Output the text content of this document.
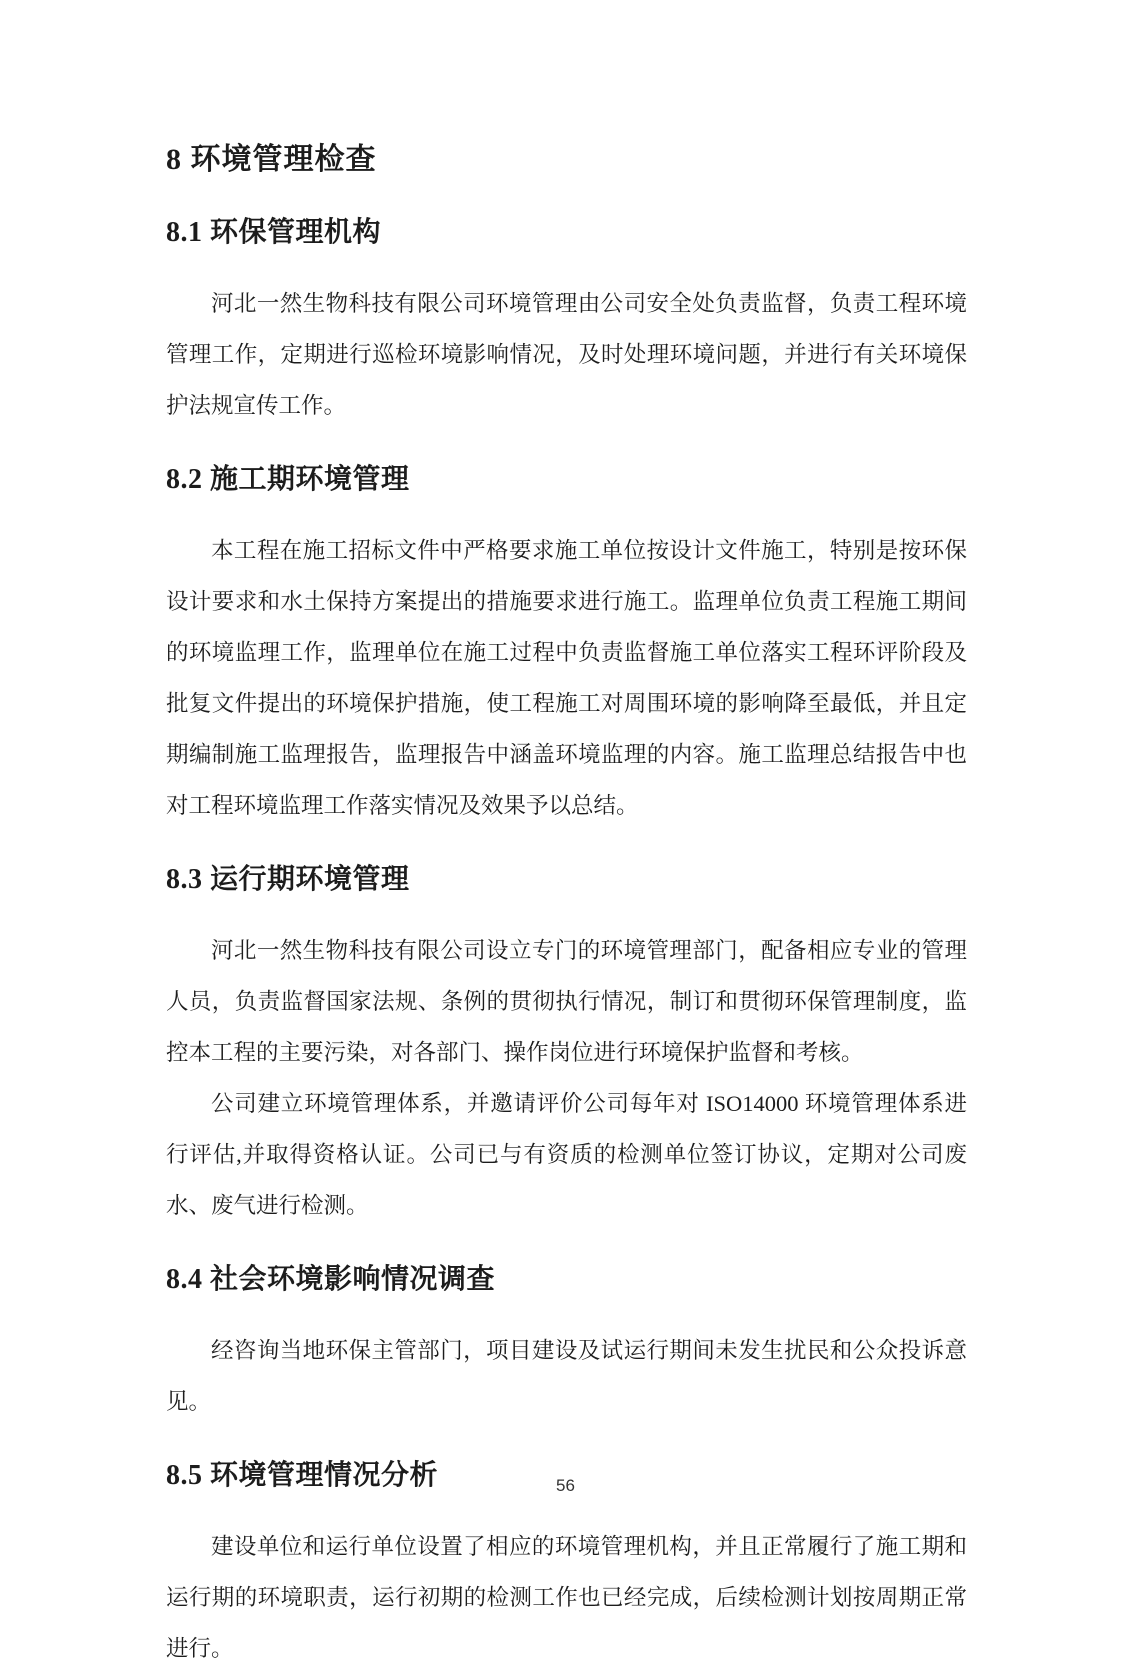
8 环境管理检查
8.1 环保管理机构

河北一然生物科技有限公司环境管理由公司安全处负责监督，负责工程环境管理工作，定期进行巡检环境影响情况，及时处理环境问题，并进行有关环境保护法规宣传工作。

8.2 施工期环境管理

本工程在施工招标文件中严格要求施工单位按设计文件施工，特别是按环保设计要求和水土保持方案提出的措施要求进行施工。监理单位负责工程施工期间的环境监理工作，监理单位在施工过程中负责监督施工单位落实工程环评阶段及批复文件提出的环境保护措施，使工程施工对周围环境的影响降至最低，并且定期编制施工监理报告，监理报告中涵盖环境监理的内容。施工监理总结报告中也对工程环境监理工作落实情况及效果予以总结。

8.3 运行期环境管理

河北一然生物科技有限公司设立专门的环境管理部门，配备相应专业的管理人员，负责监督国家法规、条例的贯彻执行情况，制订和贯彻环保管理制度，监控本工程的主要污染，对各部门、操作岗位进行环境保护监督和考核。

公司建立环境管理体系，并邀请评价公司每年对 ISO14000 环境管理体系进行评估,并取得资格认证。公司已与有资质的检测单位签订协议，定期对公司废水、废气进行检测。

8.4 社会环境影响情况调查

经咨询当地环保主管部门，项目建设及试运行期间未发生扰民和公众投诉意见。

8.5 环境管理情况分析

建设单位和运行单位设置了相应的环境管理机构，并且正常履行了施工期和运行期的环境职责，运行初期的检测工作也已经完成，后续检测计划按周期正常进行。

56
